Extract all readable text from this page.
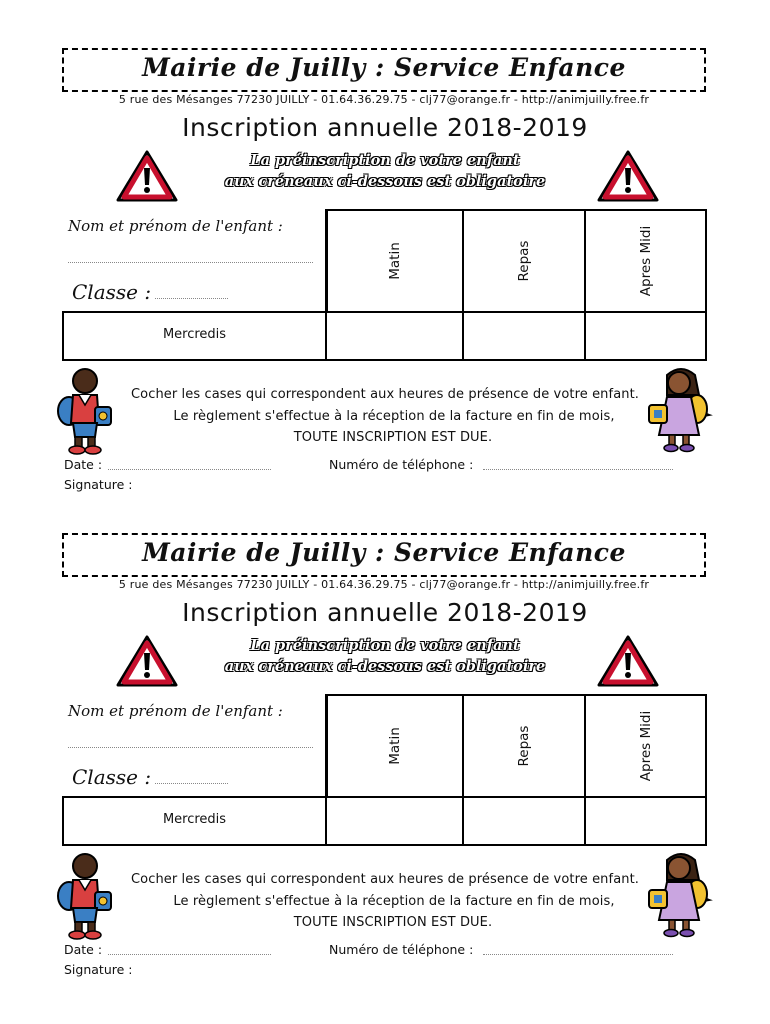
Mairie de Juilly : Service Enfance
5 rue des Mésanges 77230 JUILLY - 01.64.36.29.75 - clj77@orange.fr - http://animjuilly.free.fr
Inscription annuelle 2018-2019
La préinscription de votre enfant
aux créneaux ci-dessous est obligatoire
Nom et prénom de l'enfant :
Classe :
Matin	Repas	Apres Midi
Mercredis
Cocher les cases qui correspondent aux heures de présence de votre enfant.
Le règlement s'effectue à la réception de la facture en fin de mois,
TOUTE INSCRIPTION EST DUE.
Date :	Numéro de téléphone :
Signature :
Mairie de Juilly : Service Enfance
5 rue des Mésanges 77230 JUILLY - 01.64.36.29.75 - clj77@orange.fr - http://animjuilly.free.fr
Inscription annuelle 2018-2019
La préinscription de votre enfant
aux créneaux ci-dessous est obligatoire
Nom et prénom de l'enfant :
Classe :
Matin	Repas	Apres Midi
Mercredis
Cocher les cases qui correspondent aux heures de présence de votre enfant.
Le règlement s'effectue à la réception de la facture en fin de mois,
TOUTE INSCRIPTION EST DUE.
Date :	Numéro de téléphone :
Signature :
